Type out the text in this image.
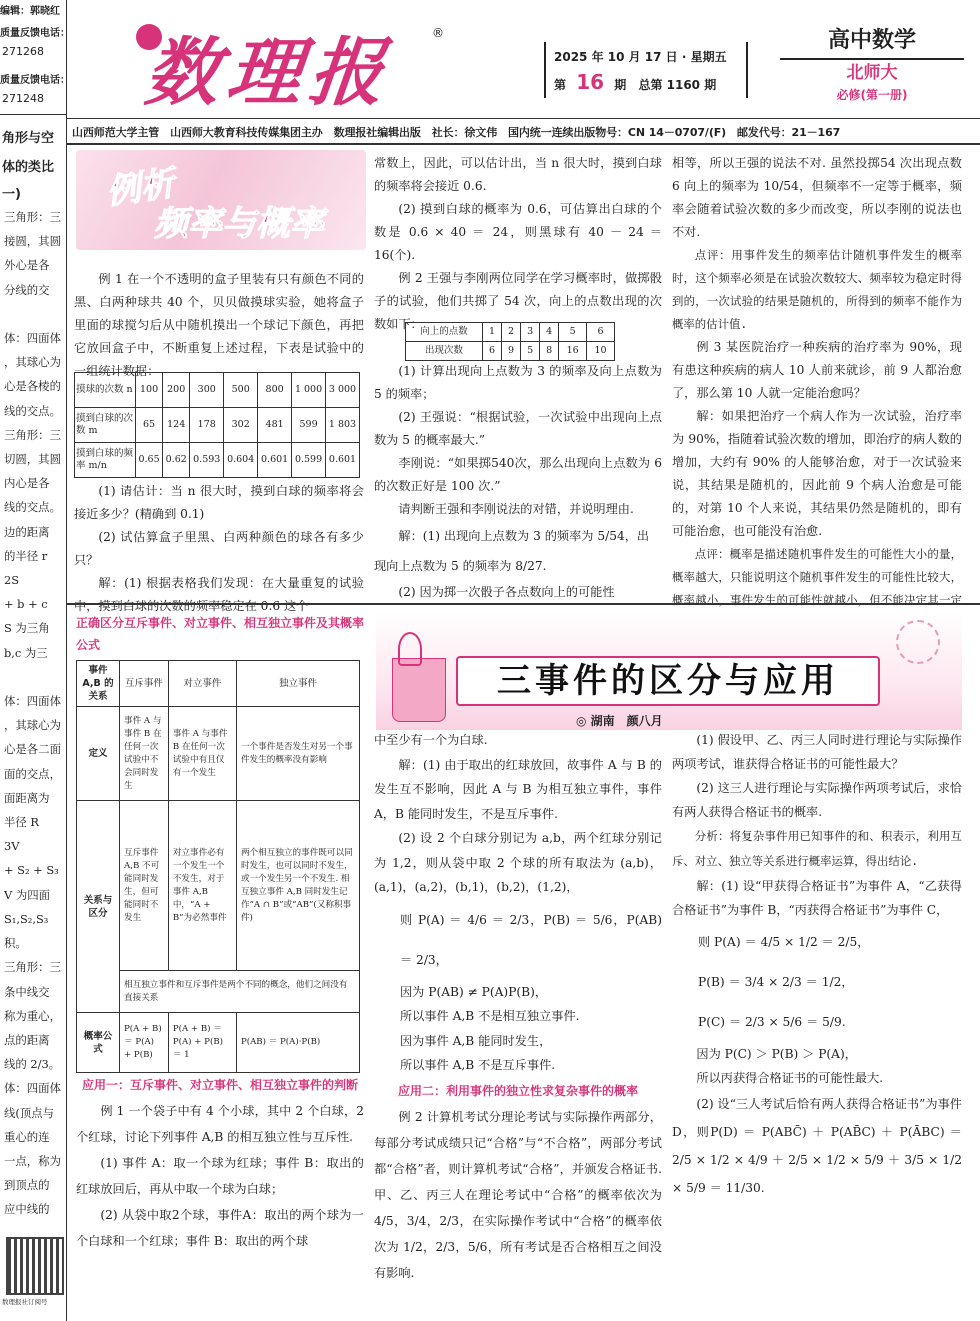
编辑：郭晓红
质量反馈电话：
271268
质量反馈电话：
271248
角形与空
体的类比
一)
三角形：三
接圆，其圆
外心是各
分线的交

体：四面体
，其球心为
心是各棱的
线的交点。
三角形：三
切圆，其圆
内心是各
线的交点。
边的距离
的半径 r
2S
+ b + c
S 为三角
b,c 为三

体：四面体
，其球心为
心是各二面
面的交点，
面距离为
半径 R
3V
+ S₂ + S₃
V 为四面
S₁,S₂,S₃
积。
三角形：三
条中线交
称为重心，
点的距离
线的 2/3。
体：四面体
线(顶点与
重心的连
一点，称为
到顶点的
应中线的
数理报社订阅号
数理报	®
2025 年 10 月 17 日 · 星期五
第 16 期 总第 1160 期
高中数学
北师大
必修(第一册)
山西师范大学主管　山西师大教育科技传媒集团主办　数理报社编辑出版　社长：徐文伟　国内统一连续出版物号：CN 14－0707/(F)　邮发代号：21－167
例析
频率与概率

例 1 在一个不透明的盒子里装有只有颜色不同的黑、白两种球共 40 个，贝贝做摸球实验，她将盒子里面的球搅匀后从中随机摸出一个球记下颜色，再把它放回盒子中，不断重复上述过程，下表是试验中的一组统计数据：

摸球的次数 n	100	200	300	500	800	1 000	3 000
摸到白球的次数 m	65	124	178	302	481	599	1 803
摸到白球的频率 m/n	0.65	0.62	0.593	0.604	0.601	0.599	0.601

(1) 请估计：当 n 很大时，摸到白球的频率将会接近多少？(精确到 0.1)

(2) 试估算盒子里黑、白两种颜色的球各有多少只？

解：(1) 根据表格我们发现：在大量重复的试验中，摸到白球的次数的频率稳定在 0.6 这个

常数上，因此，可以估计出，当 n 很大时，摸到白球的频率将会接近 0.6.

(2) 摸到白球的概率为 0.6，可估算出白球的个数是 0.6 × 40 ＝ 24，则黑球有 40 － 24 ＝ 16(个).

例 2 王强与李刚两位同学在学习概率时，做掷骰子的试验，他们共掷了 54 次，向上的点数出现的次数如下：

向上的点数	1	2	3	4	5	6
出现次数	6	9	5	8	16	10

(1) 计算出现向上点数为 3 的频率及向上点数为 5 的频率；

(2) 王强说：“根据试验，一次试验中出现向上点数为 5 的概率最大.”

李刚说：“如果掷540次，那么出现向上点数为 6 的次数正好是 100 次.”

请判断王强和李刚说法的对错，并说明理由.

解：(1) 出现向上点数为 3 的频率为 5/54，出

现向上点数为 5 的频率为 8/27.

(2) 因为掷一次骰子各点数向上的可能性

相等，所以王强的说法不对. 虽然投掷54 次出现点数6 向上的频率为 10/54，但频率不一定等于概率，频率会随着试验次数的多少而改变，所以李刚的说法也不对.

点评：用事件发生的频率估计随机事件发生的概率时，这个频率必须是在试验次数较大、频率较为稳定时得到的，一次试验的结果是随机的，所得到的频率不能作为概率的估计值.

例 3 某医院治疗一种疾病的治疗率为 90%，现有患这种疾病的病人 10 人前来就诊，前 9 人都治愈了，那么第 10 人就一定能治愈吗？

解：如果把治疗一个病人作为一次试验，治疗率为 90%，指随着试验次数的增加，即治疗的病人数的增加，大约有 90% 的人能够治愈，对于一次试验来说，其结果是随机的，因此前 9 个病人治愈是可能的，对第 10 个人来说，其结果仍然是随机的，即有可能治愈，也可能没有治愈.

点评：概率是描述随机事件发生的可能性大小的量，概率越大，只能说明这个随机事件发生的可能性比较大，概率越小，事件发生的可能性就越小，但不能决定其一定

正确区分互斥事件、对立事件、相互独立事件及其概率公式
事件 A,B 的关系	互斥事件	对立事件	独立事件
定义	事件 A 与事件 B 在任何一次试验中不会同时发生	事件 A 与事件 B 在任何一次试验中有且仅有一个发生	一个事件是否发生对另一个事件发生的概率没有影响
关系与区分	互斥事件 A,B 不可能同时发生，但可能同时不发生	对立事件必有一个发生一个不发生，对于事件 A,B 中，“A + B”为必然事件	两个相互独立的事件既可以同时发生，也可以同时不发生，或一个发生另一个不发生. 相互独立事件 A,B 同时发生记作“A ∩ B”或“AB”(又称积事件)
	相互独立事件和互斥事件是两个不同的概念，他们之间没有直接关系		
概率公式	P(A + B) ＝ P(A) + P(B)	P(A + B) ＝ P(A) + P(B) ＝ 1	P(AB) ＝ P(A)·P(B)

应用一：互斥事件、对立事件、相互独立事件的判断

例 1 一个袋子中有 4 个小球，其中 2 个白球，2 个红球，讨论下列事件 A,B 的相互独立性与互斥性.

(1) 事件 A：取一个球为红球；事件 B：取出的红球放回后，再从中取一个球为白球；

(2) 从袋中取2个球，事件A：取出的两个球为一个白球和一个红球；事件 B：取出的两个球

三事件的区分与应用
◎ 湖南　颜八月

中至少有一个为白球.

解：(1) 由于取出的红球放回，故事件 A 与 B 的发生互不影响，因此 A 与 B 为相互独立事件，事件 A，B 能同时发生，不是互斥事件.

(2) 设 2 个白球分别记为 a,b，两个红球分别记为 1,2，则从袋中取 2 个球的所有取法为 (a,b)，(a,1)，(a,2)，(b,1)，(b,2)，(1,2)，

则 P(A) ＝ 4/6 ＝ 2/3，P(B) ＝ 5/6，P(AB) ＝ 2/3，

因为 P(AB) ≠ P(A)P(B)，

所以事件 A,B 不是相互独立事件.

因为事件 A,B 能同时发生，

所以事件 A,B 不是互斥事件.

应用二：利用事件的独立性求复杂事件的概率

例 2 计算机考试分理论考试与实际操作两部分，每部分考试成绩只记“合格”与“不合格”，两部分考试都“合格”者，则计算机考试“合格”，并颁发合格证书. 甲、乙、丙三人在理论考试中“合格”的概率依次为 4/5，3/4，2/3，在实际操作考试中“合格”的概率依次为 1/2，2/3，5/6，所有考试是否合格相互之间没有影响.

(1) 假设甲、乙、丙三人同时进行理论与实际操作两项考试，谁获得合格证书的可能性最大？

(2) 这三人进行理论与实际操作两项考试后，求恰有两人获得合格证书的概率.

分析：将复杂事件用已知事件的和、积表示，利用互斥、对立、独立等关系进行概率运算，得出结论.

解：(1) 设“甲获得合格证书”为事件 A，“乙获得合格证书”为事件 B，“丙获得合格证书”为事件 C，

则 P(A) ＝ 4/5 × 1/2 ＝ 2/5，

P(B) ＝ 3/4 × 2/3 ＝ 1/2，

P(C) ＝ 2/3 × 5/6 ＝ 5/9.

因为 P(C) ＞ P(B) ＞ P(A)，

所以丙获得合格证书的可能性最大.

(2) 设“三人考试后恰有两人获得合格证书”为事件D，则P(D) ＝ P(ABC̄) ＋ P(AB̄C) ＋ P(ĀBC) ＝ 2/5 × 1/2 × 4/9 ＋ 2/5 × 1/2 × 5/9 ＋ 3/5 × 1/2 × 5/9 ＝ 11/30.
